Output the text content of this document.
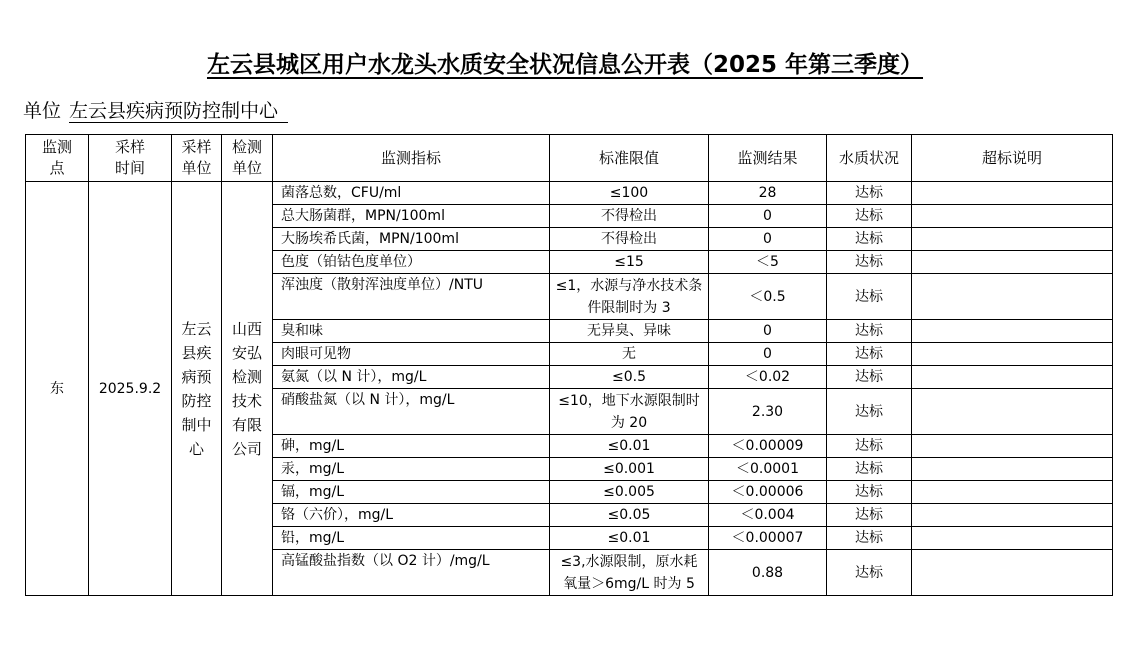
左云县城区用户水龙头水质安全状况信息公开表（2025 年第三季度）
单位 左云县疾病预防控制中心
监测点	采样时间	采样单位	检测单位	监测指标	标准限值	监测结果	水质状况	超标说明
东	2025.9.2	左云县疾病预防控制中心	山西安弘检测技术有限公司	菌落总数，CFU/ml	≤100	28	达标	
				总大肠菌群，MPN/100ml	不得检出	0	达标	
				大肠埃希氏菌，MPN/100ml	不得检出	0	达标	
				色度（铂钴色度单位）	≤15	＜5	达标	
				浑浊度（散射浑浊度单位）/NTU	≤1，水源与净水技术条件限制时为 3	＜0.5	达标	
				臭和味	无异臭、异味	0	达标	
				肉眼可见物	无	0	达标	
				氨氮（以 N 计），mg/L	≤0.5	＜0.02	达标	
				硝酸盐氮（以 N 计），mg/L	≤10，地下水源限制时为 20	2.30	达标	
				砷，mg/L	≤0.01	＜0.00009	达标	
				汞，mg/L	≤0.001	＜0.0001	达标	
				镉，mg/L	≤0.005	＜0.00006	达标	
				铬（六价），mg/L	≤0.05	＜0.004	达标	
				铅，mg/L	≤0.01	＜0.00007	达标	
				高锰酸盐指数（以 O2 计）/mg/L	≤3,水源限制，原水耗氧量＞6mg/L 时为 5	0.88	达标	
